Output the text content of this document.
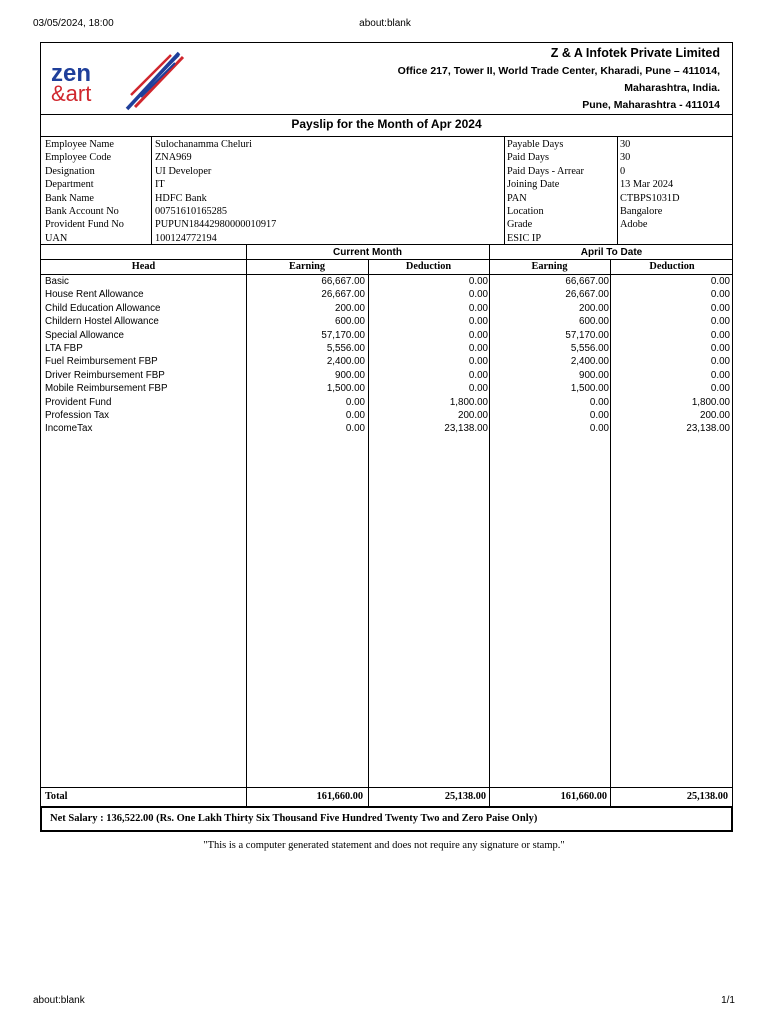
03/05/2024, 18:00	about:blank
about:blank	1/1
zen
&art
Z & A Infotek Private Limited
Office 217, Tower II, World Trade Center, Kharadi, Pune – 411014,
Maharashtra, India.
Pune, Maharashtra - 411014
Payslip for the Month of Apr 2024
Employee Name	Sulochanamma Cheluri
Employee Code	ZNA969
Designation	UI Developer
Department	IT
Bank Name	HDFC Bank
Bank Account No	00751610165285
Provident Fund No	PUPUN18442980000010917
UAN	100124772194
Payable Days	30
Paid Days	30
Paid Days - Arrear	0
Joining Date	13 Mar 2024
PAN	CTBPS1031D
Location	Bangalore
Grade	Adobe
ESIC IP
Current Month	April To Date
Head	Earning	Deduction	Earning	Deduction
Basic	66,667.00	0.00	66,667.00	0.00
House Rent Allowance	26,667.00	0.00	26,667.00	0.00
Child Education Allowance	200.00	0.00	200.00	0.00
Childern Hostel Allowance	600.00	0.00	600.00	0.00
Special Allowance	57,170.00	0.00	57,170.00	0.00
LTA FBP	5,556.00	0.00	5,556.00	0.00
Fuel Reimbursement FBP	2,400.00	0.00	2,400.00	0.00
Driver Reimbursement FBP	900.00	0.00	900.00	0.00
Mobile Reimbursement FBP	1,500.00	0.00	1,500.00	0.00
Provident Fund	0.00	1,800.00	0.00	1,800.00
Profession Tax	0.00	200.00	0.00	200.00
IncomeTax	0.00	23,138.00	0.00	23,138.00
Total	161,660.00	25,138.00	161,660.00	25,138.00
Net Salary : 136,522.00 (Rs. One Lakh Thirty Six Thousand Five Hundred Twenty Two and Zero Paise Only)
"This is a computer generated statement and does not require any signature or stamp."
